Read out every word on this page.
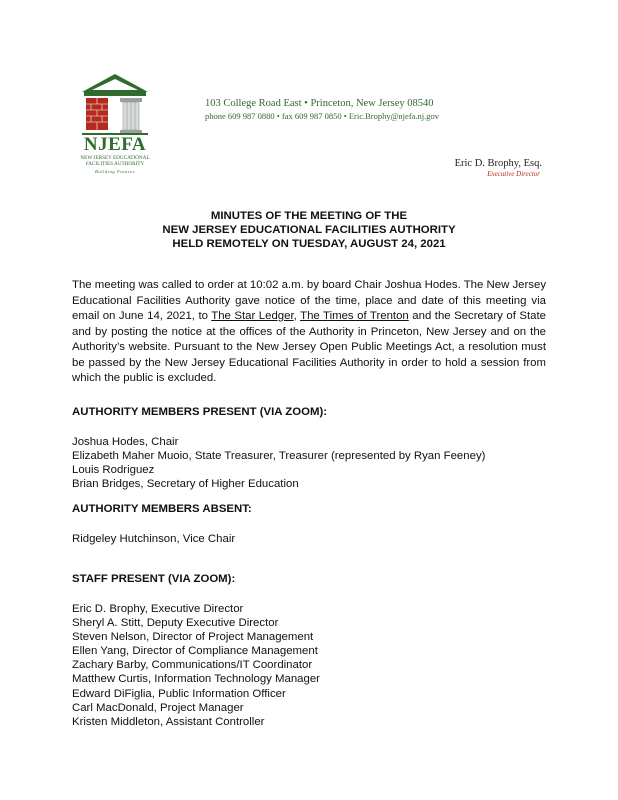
NJEFA
NEW JERSEY EDUCATIONAL
FACILITIES AUTHORITY
Building Futures
103 College Road East • Princeton, New Jersey 08540
phone 609 987 0880 • fax 609 987 0850 • Eric.Brophy@njefa.nj.gov
Eric D. Brophy, Esq.
Executive Director
MINUTES OF THE MEETING OF THE
NEW JERSEY EDUCATIONAL FACILITIES AUTHORITY
HELD REMOTELY ON TUESDAY, AUGUST 24, 2021
The meeting was called to order at 10:02 a.m. by board Chair Joshua Hodes. The New Jersey Educational Facilities Authority gave notice of the time, place and date of this meeting via email on June 14, 2021, to The Star Ledger, The Times of Trenton and the Secretary of State and by posting the notice at the offices of the Authority in Princeton, New Jersey and on the Authority’s website. Pursuant to the New Jersey Open Public Meetings Act, a resolution must be passed by the New Jersey Educational Facilities Authority in order to hold a session from which the public is excluded.
AUTHORITY MEMBERS PRESENT (VIA ZOOM):
Joshua Hodes, Chair
Elizabeth Maher Muoio, State Treasurer, Treasurer (represented by Ryan Feeney)
Louis Rodriguez
Brian Bridges, Secretary of Higher Education
AUTHORITY MEMBERS ABSENT:
Ridgeley Hutchinson, Vice Chair
STAFF PRESENT (VIA ZOOM):
Eric D. Brophy, Executive Director
Sheryl A. Stitt, Deputy Executive Director
Steven Nelson, Director of Project Management
Ellen Yang, Director of Compliance Management
Zachary Barby, Communications/IT Coordinator
Matthew Curtis, Information Technology Manager
Edward DiFiglia, Public Information Officer
Carl MacDonald, Project Manager
Kristen Middleton, Assistant Controller
